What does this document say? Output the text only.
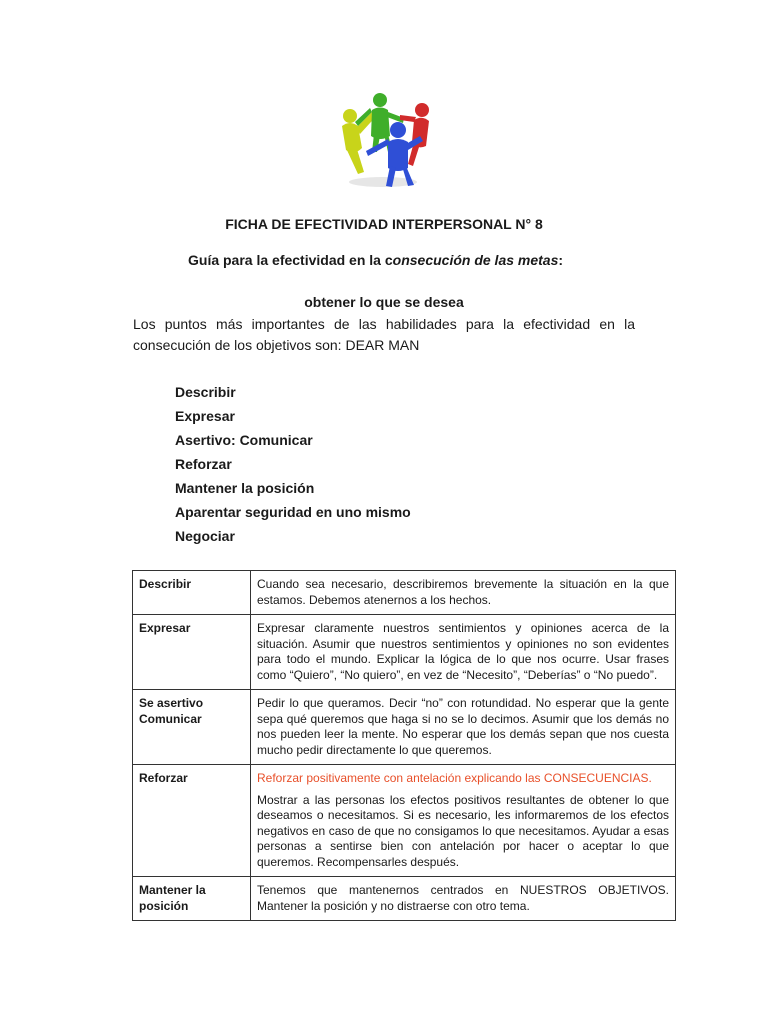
FICHA DE EFECTIVIDAD INTERPERSONAL N° 8
Guía para la efectividad en la consecución de las metas:
obtener lo que se desea
Los puntos más importantes de las habilidades para la efectividad en la consecución de los objetivos son: DEAR MAN
Describir
Expresar
Asertivo: Comunicar
Reforzar
Mantener la posición
Aparentar seguridad en uno mismo
Negociar
Describir	Cuando sea necesario, describiremos brevemente la situación en la que estamos. Debemos atenernos a los hechos.
Expresar	Expresar claramente nuestros sentimientos y opiniones acerca de la situación. Asumir que nuestros sentimientos y opiniones no son evidentes para todo el mundo. Explicar la lógica de lo que nos ocurre. Usar frases como “Quiero”, “No quiero”, en vez de “Necesito”, “Deberías” o “No puedo”.
Se asertivo Comunicar	Pedir lo que queramos. Decir “no” con rotundidad. No esperar que la gente sepa qué queremos que haga si no se lo decimos. Asumir que los demás no nos pueden leer la mente. No esperar que los demás sepan que nos cuesta mucho pedir directamente lo que queremos.
Reforzar	Reforzar positivamente con antelación explicando las CONSECUENCIAS.
Mostrar a las personas los efectos positivos resultantes de obtener lo que deseamos o necesitamos. Si es necesario, les informaremos de los efectos negativos en caso de que no consigamos lo que necesitamos. Ayudar a esas personas a sentirse bien con antelación por hacer o aceptar lo que queremos. Recompensarles después.

Mantener la posición	Tenemos que mantenernos centrados en NUESTROS OBJETIVOS. Mantener la posición y no distraerse con otro tema.
